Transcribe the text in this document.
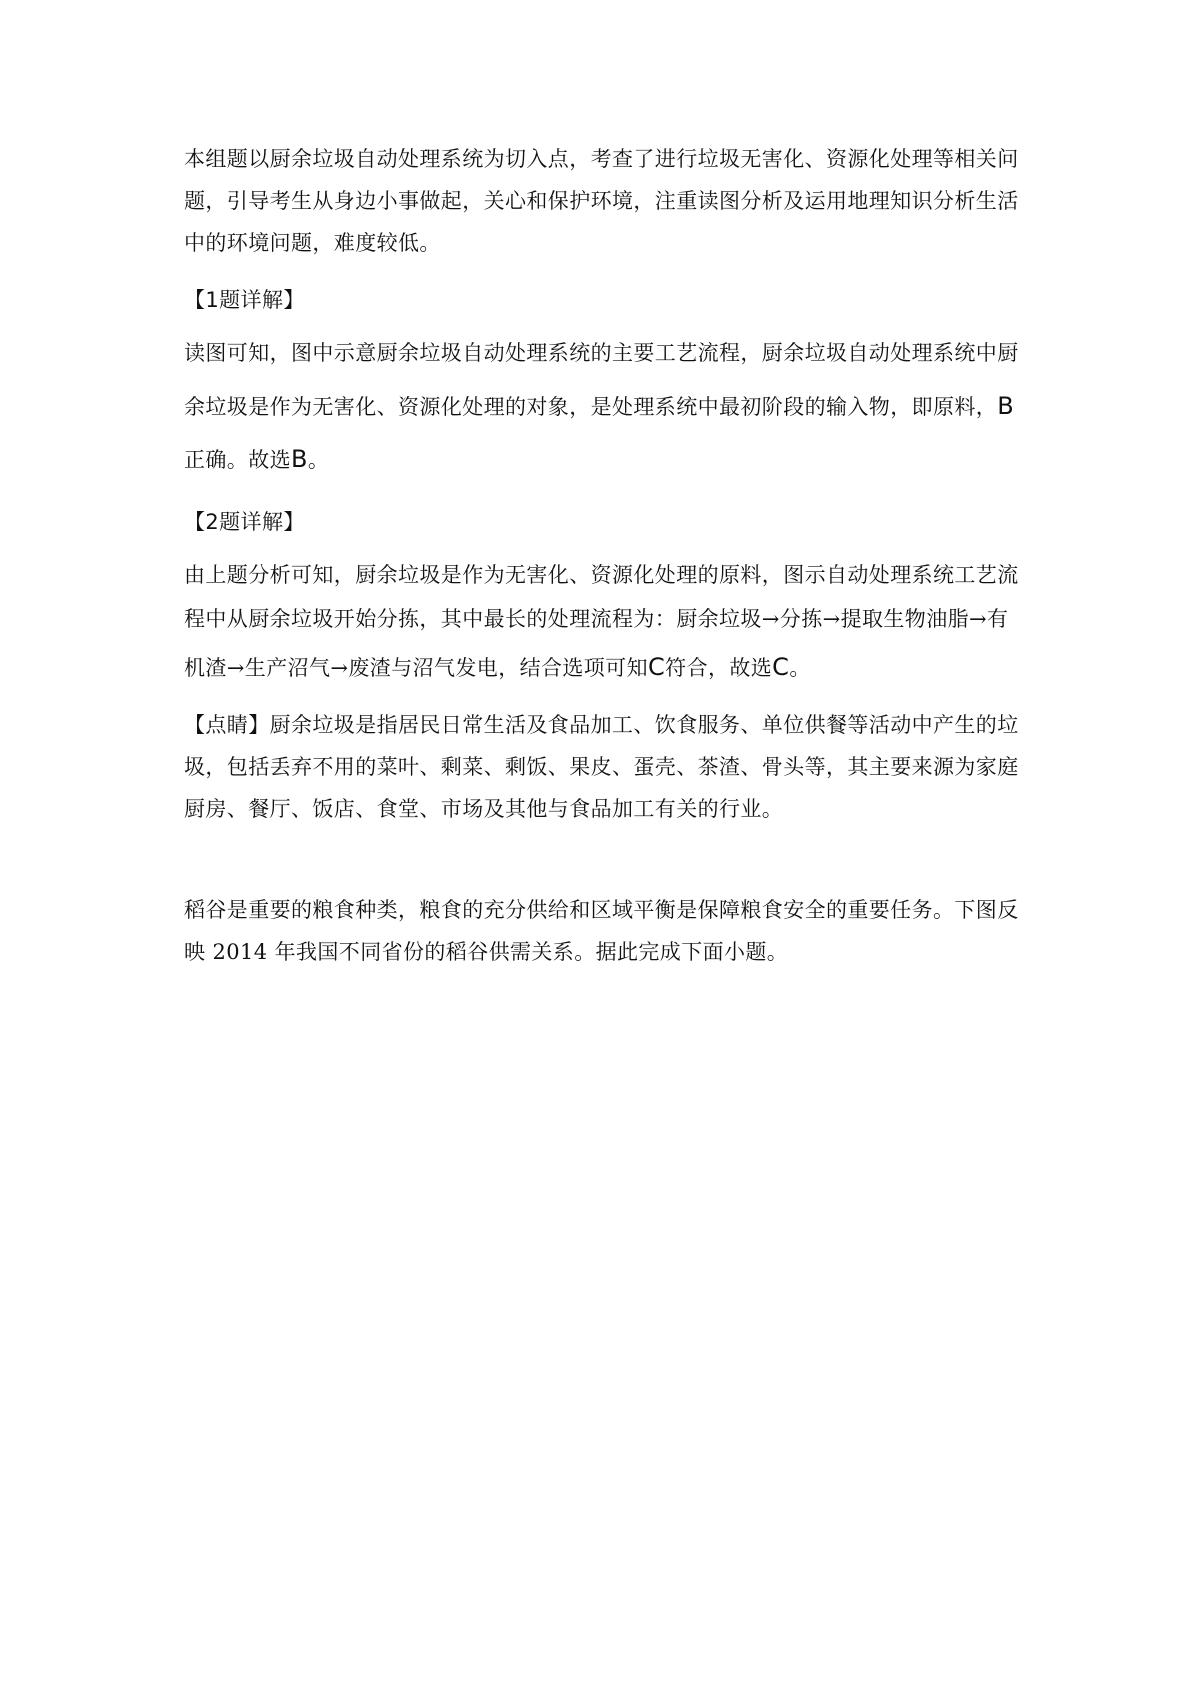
本组题以厨余垃圾自动处理系统为切入点，考查了进行垃圾无害化、资源化处理等相关问
题，引导考生从身边小事做起，关心和保护环境，注重读图分析及运用地理知识分析生活
中的环境问题，难度较低。
【1题详解】
读图可知，图中示意厨余垃圾自动处理系统的主要工艺流程，厨余垃圾自动处理系统中厨
余垃圾是作为无害化、资源化处理的对象，是处理系统中最初阶段的输入物，即原料，B
正确。故选B。
【2题详解】
由上题分析可知，厨余垃圾是作为无害化、资源化处理的原料，图示自动处理系统工艺流
程中从厨余垃圾开始分拣，其中最长的处理流程为：厨余垃圾→分拣→提取生物油脂→有
机渣→生产沼气→废渣与沼气发电，结合选项可知C符合，故选C。
【点睛】厨余垃圾是指居民日常生活及食品加工、饮食服务、单位供餐等活动中产生的垃
圾，包括丢弃不用的菜叶、剩菜、剩饭、果皮、蛋壳、茶渣、骨头等，其主要来源为家庭
厨房、餐厅、饭店、食堂、市场及其他与食品加工有关的行业。
稻谷是重要的粮食种类，粮食的充分供给和区域平衡是保障粮食安全的重要任务。下图反
映 2014 年我国不同省份的稻谷供需关系。据此完成下面小题。
